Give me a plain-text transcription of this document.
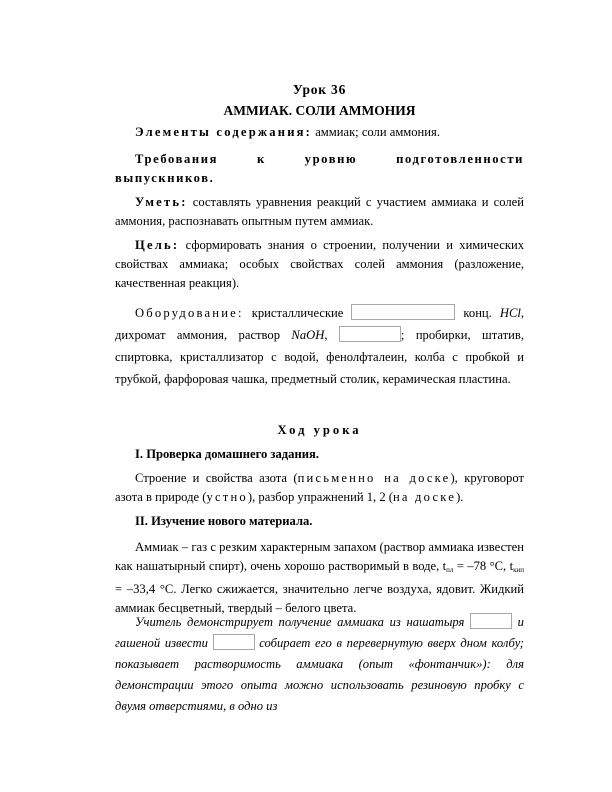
Урок 36
АММИАК. СОЛИ АММОНИЯ

Элементы содержания: аммиак; соли аммония.

Требования	к	уровню	подготовленности
выпускников.

Уметь: составлять уравнения реакций с участием аммиака и солей аммония, распознавать опытным путем аммиак.

Цель: сформировать знания о строении, получении и химических свойствах аммиака; особых свойствах солей аммония (разложение, качественная реакция).

Оборудование: кристаллические	конц. HCl, дихромат аммония, раствор NaOH,	; пробирки, штатив, спиртовка, кристаллизатор с водой, фенолфталеин, колба с пробкой и трубкой, фарфоровая чашка, предметный столик, керамическая пластина.

Ход урока

I. Проверка домашнего задания.

Строение и свойства азота (письменно на доске), круговорот азота в природе (устно), разбор упражнений 1, 2 (на доске).

II. Изучение нового материала.

Аммиак – газ с резким характерным запахом (раствор аммиака известен как нашатырный спирт), очень хорошо растворимый в воде, $t_{пл} = -78$ °С, $t_{кип} = -33,4$ °С. Легко сжижается, значительно легче воздуха, ядовит. Жидкий аммиак бесцветный, твердый – белого цвета.

Учитель демонстрирует получение аммиака из нашатыря	и гашеной извести	собирает его в перевернутую вверх дном колбу; показывает растворимость аммиака (опыт «фонтанчик»): для демонстрации этого опыта можно использовать резиновую пробку с двумя отверстиями, в одно из
